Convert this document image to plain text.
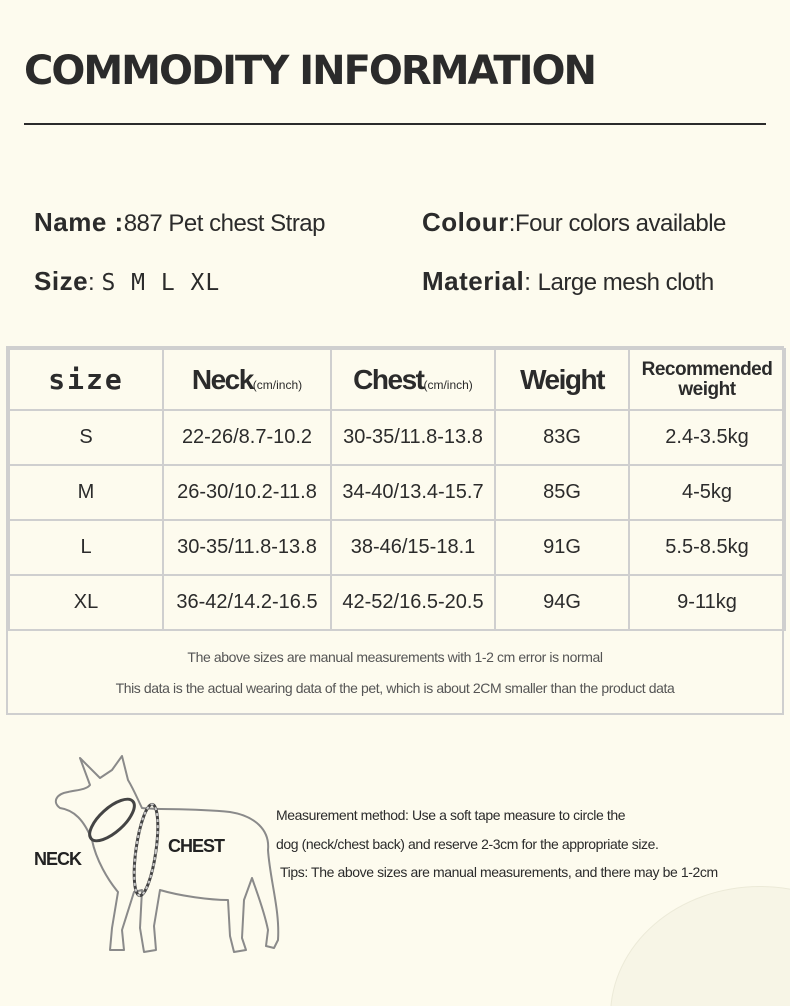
COMMODITY INFORMATION
Name :887 Pet chest Strap	Colour:Four colors available
Size: S M L XL	Material: Large mesh cloth
size	Neck(cm/inch)	Chest(cm/inch)	Weight	Recommended
weight

S	22-26/8.7-10.2	30-35/11.8-13.8	83G	2.4-3.5kg
M	26-30/10.2-11.8	34-40/13.4-15.7	85G	4-5kg
L	30-35/11.8-13.8	38-46/15-18.1	91G	5.5-8.5kg
XL	36-42/14.2-16.5	42-52/16.5-20.5	94G	9-11kg
The above sizes are manual measurements with 1-2 cm error is normal
This data is the actual wearing data of the pet, which is about 2CM smaller than the product data
NECK
CHEST
Measurement method: Use a soft tape measure to circle the
dog (neck/chest back) and reserve 2-3cm for the appropriate size.
Tips: The above sizes are manual measurements, and there may be 1-2cm
